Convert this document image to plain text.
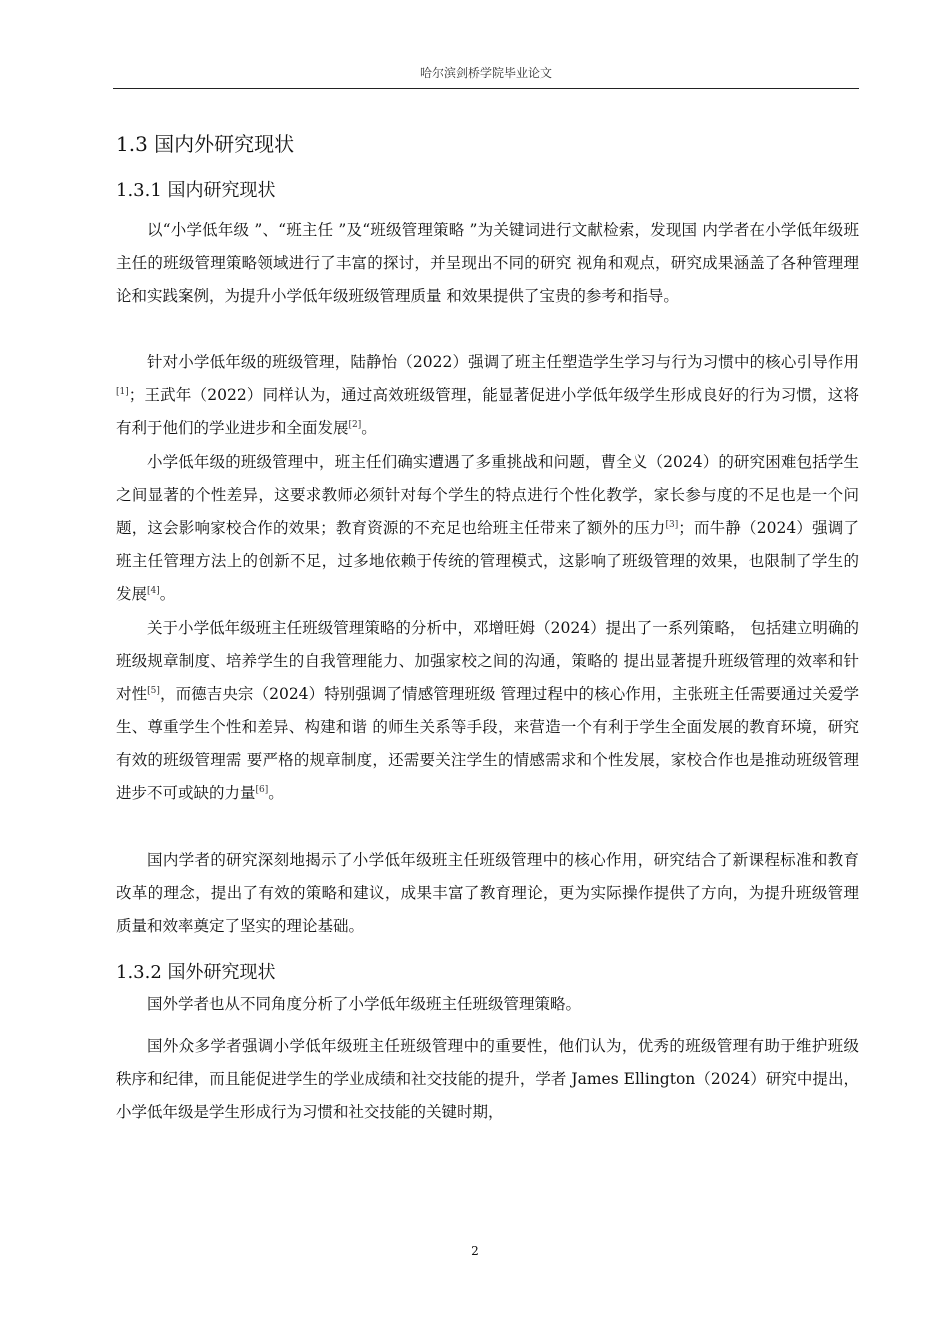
哈尔滨剑桥学院毕业论文
1.3 国内外研究现状
1.3.1 国内研究现状

以“小学低年级 ”、“班主任 ”及“班级管理策略 ”为关键词进行文献检索，发现国 内学者在小学低年级班主任的班级管理策略领域进行了丰富的探讨，并呈现出不同的研究 视角和观点，研究成果涵盖了各种管理理论和实践案例，为提升小学低年级班级管理质量 和效果提供了宝贵的参考和指导。

针对小学低年级的班级管理，陆静怡（2022）强调了班主任塑造学生学习与行为习惯中的核心引导作用[1]；王武年（2022）同样认为，通过高效班级管理，能显著促进小学低年级学生形成良好的行为习惯，这将有利于他们的学业进步和全面发展[2]。

小学低年级的班级管理中，班主任们确实遭遇了多重挑战和问题，曹全义（2024）的研究困难包括学生之间显著的个性差异，这要求教师必须针对每个学生的特点进行个性化教学，家长参与度的不足也是一个问题，这会影响家校合作的效果；教育资源的不充足也给班主任带来了额外的压力[3]；而牛静（2024）强调了班主任管理方法上的创新不足，过多地依赖于传统的管理模式，这影响了班级管理的效果，也限制了学生的发展[4]。

关于小学低年级班主任班级管理策略的分析中，邓增旺姆（2024）提出了一系列策略， 包括建立明确的班级规章制度、培养学生的自我管理能力、加强家校之间的沟通，策略的 提出显著提升班级管理的效率和针对性[5]，而德吉央宗（2024）特别强调了情感管理班级 管理过程中的核心作用，主张班主任需要通过关爱学生、尊重学生个性和差异、构建和谐 的师生关系等手段，来营造一个有利于学生全面发展的教育环境，研究有效的班级管理需 要严格的规章制度，还需要关注学生的情感需求和个性发展，家校合作也是推动班级管理 进步不可或缺的力量[6]。

国内学者的研究深刻地揭示了小学低年级班主任班级管理中的核心作用，研究结合了新课程标准和教育改革的理念，提出了有效的策略和建议，成果丰富了教育理论，更为实际操作提供了方向，为提升班级管理质量和效率奠定了坚实的理论基础。

1.3.2 国外研究现状

国外学者也从不同角度分析了小学低年级班主任班级管理策略。

国外众多学者强调小学低年级班主任班级管理中的重要性，他们认为，优秀的班级管理有助于维护班级秩序和纪律，而且能促进学生的学业成绩和社交技能的提升，学者 James Ellington（2024）研究中提出，小学低年级是学生形成行为习惯和社交技能的关键时期，

2
